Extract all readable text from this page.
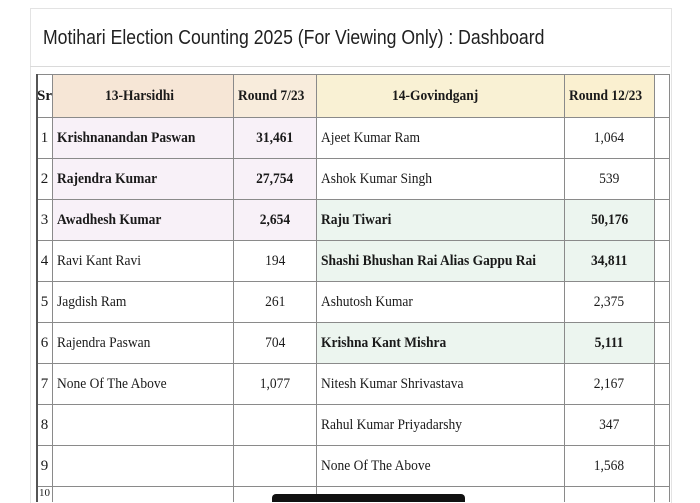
Motihari Election Counting 2025 (For Viewing Only) : Dashboard
Sr	13-Harsidhi	Round 7/23	14-Govindganj	Round 12/23	
1	Krishnanandan Paswan	31,461	Ajeet Kumar Ram	1,064	
2	Rajendra Kumar	27,754	Ashok Kumar Singh	539	
3	Awadhesh Kumar	2,654	Raju Tiwari	50,176	
4	Ravi Kant Ravi	194	Shashi Bhushan Rai Alias Gappu Rai	34,811	
5	Jagdish Ram	261	Ashutosh Kumar	2,375	
6	Rajendra Paswan	704	Krishna Kant Mishra	5,111	
7	None Of The Above	1,077	Nitesh Kumar Shrivastava	2,167	
8			Rahul Kumar Priyadarshy	347	
9			None Of The Above	1,568	
10					
